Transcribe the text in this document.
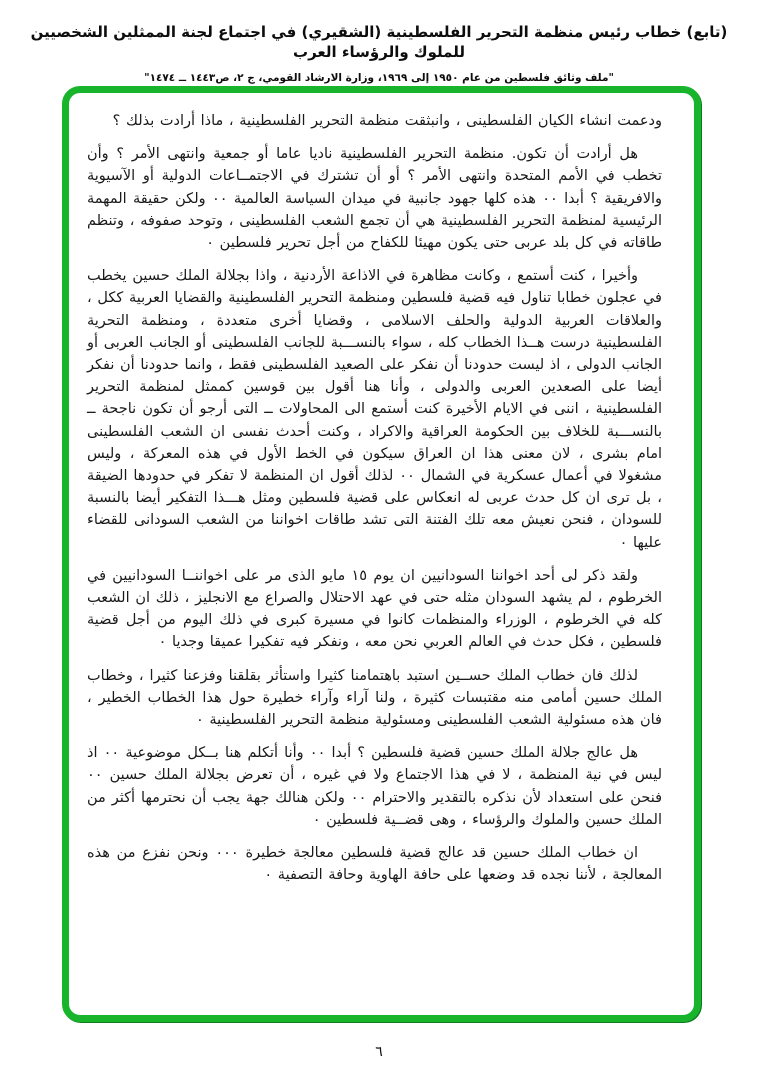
(تابع) خطاب رئيس منظمة التحرير الفلسطينية (الشقيري) في اجتماع لجنة الممثلين الشخصيين للملوك والرؤساء العرب
"ملف وثائق فلسطين من عام ١٩٥٠ إلى ١٩٦٩، وزارة الارشاد القومي، ج ٢، ص١٤٤٣ ــ ١٤٧٤"

ودعمت انشاء الكيان الفلسطينى ، وانبثقت منظمة التحرير الفلسطينية ، ماذا أرادت بذلك ؟

هل أرادت أن تكون. منظمة التحرير الفلسطينية ناديا عاما أو جمعية وانتهى الأمر ؟ وأن تخطب في الأمم المتحدة وانتهى الأمر ؟ أو أن تشترك في الاجتمــاعات الدولية أو الآسيوية والافريقية ؟ أبدا ٠٠ هذه كلها جهود جانبية في ميدان السياسة العالمية ٠٠ ولكن حقيقة المهمة الرئيسية لمنظمة التحرير الفلسطينية هي أن تجمع الشعب الفلسطينى ، وتوحد صفوفه ، وتنظم طاقاته في كل بلد عربى حتى يكون مهيئا للكفاح من أجل تحرير فلسطين ٠

وأخيرا ، كنت أستمع ، وكانت مظاهرة في الاذاعة الأردنية ، واذا بجلالة الملك حسين يخطب في عجلون خطابا تناول فيه قضية فلسطين ومنظمة التحرير الفلسطينية والقضايا العربية ككل ، والعلاقات العربية الدولية والحلف الاسلامى ، وقضايا أخرى متعددة ، ومنظمة التحرية الفلسطينية درست هــذا الخطاب كله ، سواء بالنســـبة للجانب الفلسطينى أو الجانب العربى أو الجانب الدولى ، اذ ليست حدودنا أن نفكر على الصعيد الفلسطينى فقط ، وانما حدودنا أن نفكر أيضا على الصعدين العربى والدولى ، وأنا هنا أقول بين قوسين كممثل لمنظمة التحرير الفلسطينية ، اننى في الايام الأخيرة كنت أستمع الى المحاولات ــ التى أرجو أن تكون ناجحة ــ بالنســـبة للخلاف بين الحكومة العراقية والاكراد ، وكنت أحدث نفسى ان الشعب الفلسطينى امام بشرى ، لان معنى هذا ان العراق سيكون في الخط الأول في هذه المعركة ، وليس مشغولا في أعمال عسكرية في الشمال ٠٠ لذلك أقول ان المنظمة لا تفكر في حدودها الضيقة ، بل ترى ان كل حدث عربى له انعكاس على قضية فلسطين ومثل هـــذا التفكير أيضا بالنسبة للسودان ، فنحن نعيش معه تلك الفتنة التى تشد طاقات اخواننا من الشعب السودانى للقضاء عليها ٠

ولقد ذكر لى أحد اخواننا السودانيين ان يوم ١٥ مايو الذى مر على اخواننــا السودانيين في الخرطوم ، لم يشهد السودان مثله حتى في عهد الاحتلال والصراع مع الانجليز ، ذلك ان الشعب كله في الخرطوم ، الوزراء والمنظمات كانوا في مسيرة كبرى في ذلك اليوم من أجل قضية فلسطين ، فكل حدث في العالم العربي نحن معه ، ونفكر فيه تفكيرا عميقا وجديا ٠

لذلك فان خطاب الملك حســين استبد باهتمامنا كثيرا واستأثر بقلقنا وفزعنا كثيرا ، وخطاب الملك حسين أمامى منه مقتبسات كثيرة ، ولنا آراء وآراء خطيرة حول هذا الخطاب الخطير ، فان هذه مسئولية الشعب الفلسطينى ومسئولية منظمة التحرير الفلسطينية ٠

هل عالج جلالة الملك حسين قضية فلسطين ؟ أبدا ٠٠ وأنا أتكلم هنا بــكل موضوعية ٠٠ اذ ليس في نية المنظمة ، لا في هذا الاجتماع ولا في غيره ، أن تعرض بجلالة الملك حسين ٠٠ فنحن على استعداد لأن نذكره بالتقدير والاحترام ٠٠ ولكن هنالك جهة يجب أن نحترمها أكثر من الملك حسين والملوك والرؤساء ، وهى قضــية فلسطين ٠

ان خطاب الملك حسين قد عالج قضية فلسطين معالجة خطيرة ٠٠٠ ونحن نفزع من هذه المعالجة ، لأننا نجده قد وضعها على حافة الهاوية وحافة التصفية ٠

٦
